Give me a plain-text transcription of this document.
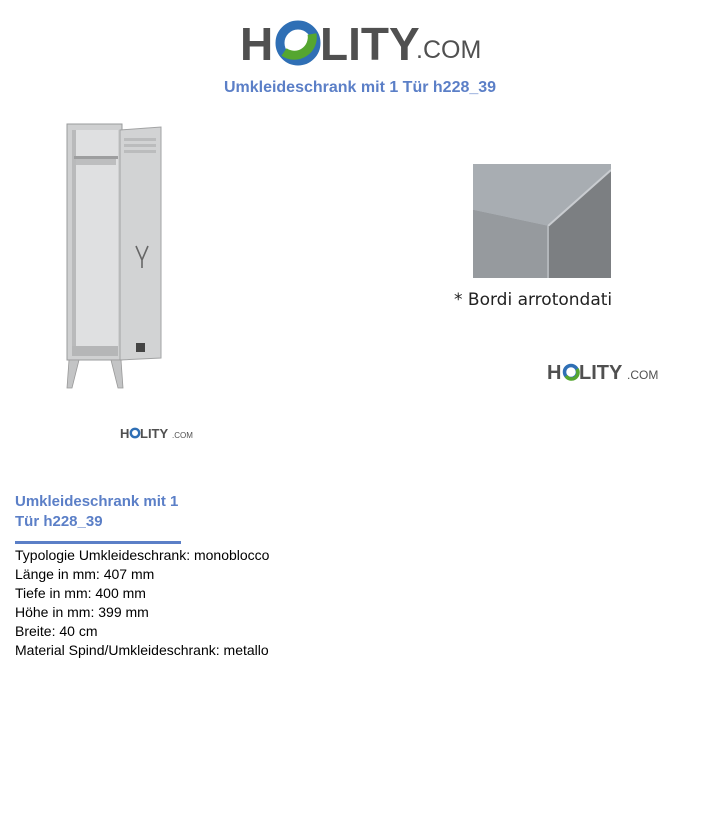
H LITY
.COM
Umkleideschrank mit 1 Tür h228_39
H LITY .COM
* Bordi arrotondati
H LITY .COM
Umkleideschrank mit 1
Tür h228_39
Typologie Umkleideschrank: monoblocco
Länge in mm: 407 mm
Tiefe in mm: 400 mm
Höhe in mm: 399 mm
Breite: 40 cm
Material Spind/Umkleideschrank: metallo
